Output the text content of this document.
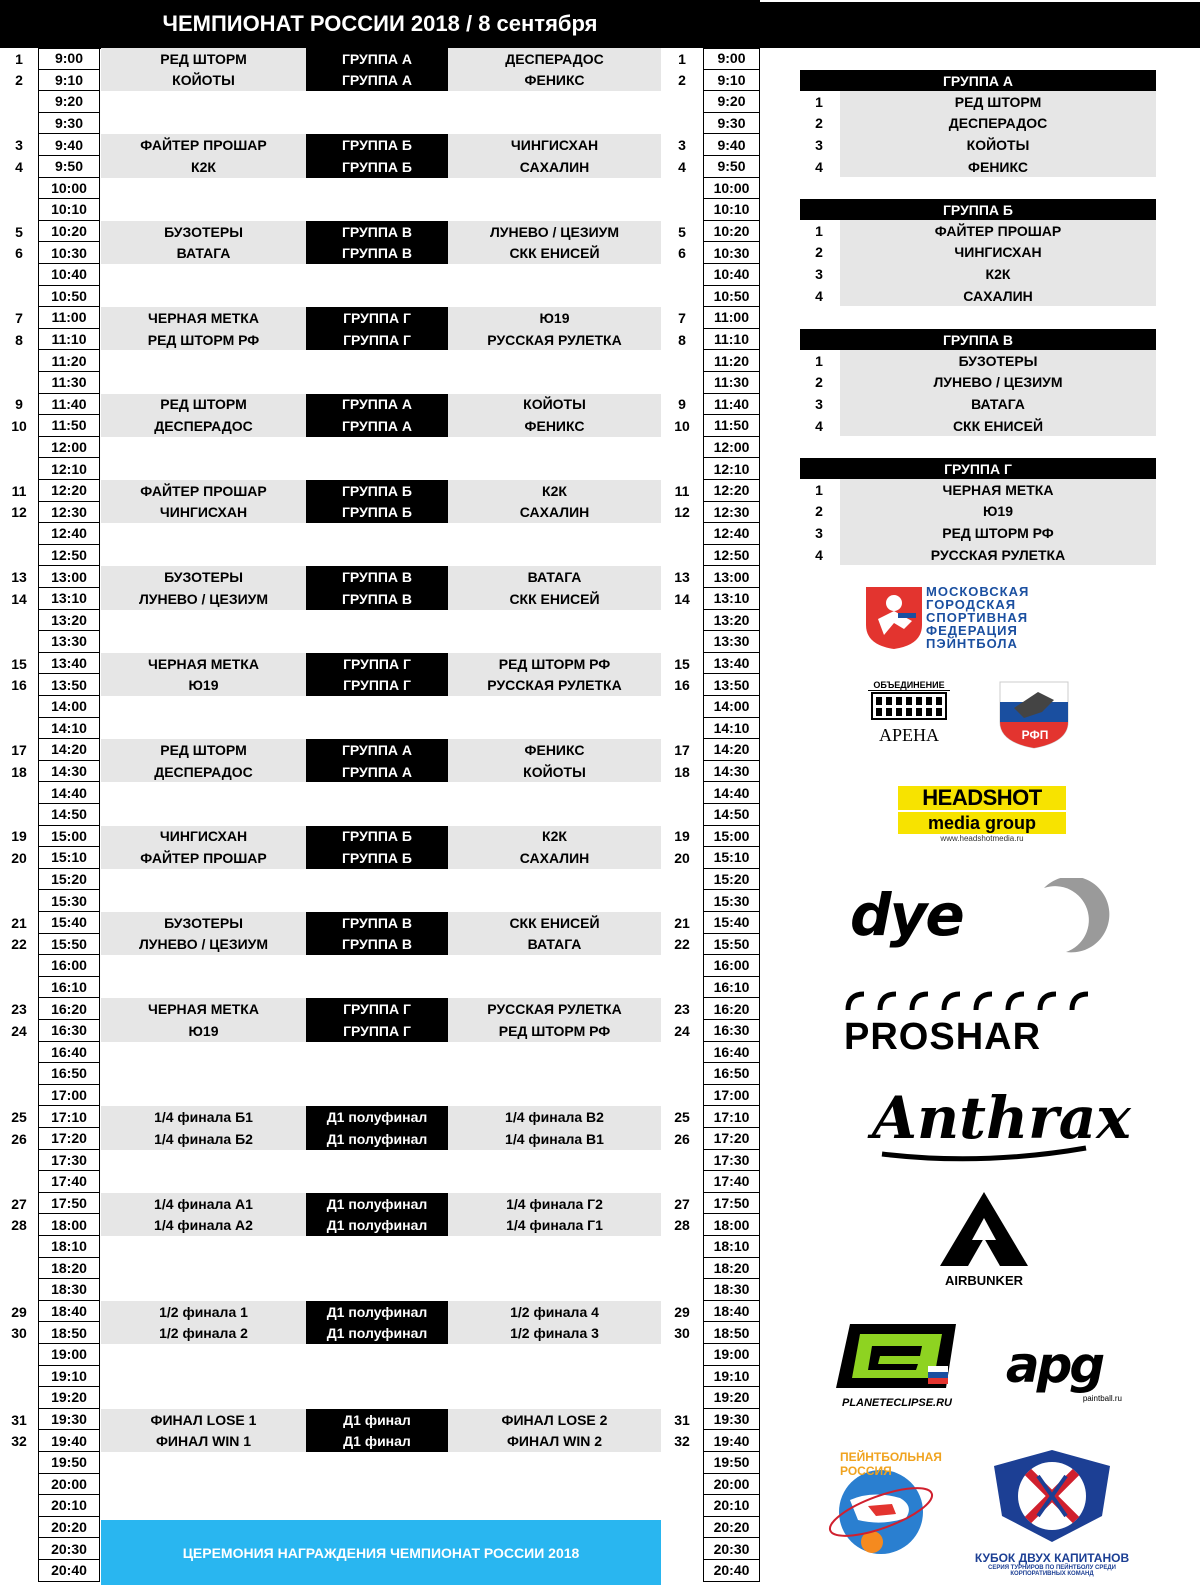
ЧЕМПИОНАТ РОССИИ 2018 / 8 сентября
1	9:00	РЕД ШТОРМ	ГРУППА А	ДЕСПЕРАДОС	1	9:00
2	9:10	КОЙОТЫ	ГРУППА А	ФЕНИКС	2	9:10
9:20	9:20
9:30	9:30
3	9:40	ФАЙТЕР ПРОШАР	ГРУППА Б	ЧИНГИСХАН	3	9:40
4	9:50	К2К	ГРУППА Б	САХАЛИН	4	9:50
10:00	10:00
10:10	10:10
5	10:20	БУЗОТЕРЫ	ГРУППА В	ЛУНЕВО / ЦЕЗИУМ	5	10:20
6	10:30	ВАТАГА	ГРУППА В	СКК ЕНИСЕЙ	6	10:30
10:40	10:40
10:50	10:50
7	11:00	ЧЕРНАЯ МЕТКА	ГРУППА Г	Ю19	7	11:00
8	11:10	РЕД ШТОРМ РФ	ГРУППА Г	РУССКАЯ РУЛЕТКА	8	11:10
11:20	11:20
11:30	11:30
9	11:40	РЕД ШТОРМ	ГРУППА А	КОЙОТЫ	9	11:40
10	11:50	ДЕСПЕРАДОС	ГРУППА А	ФЕНИКС	10	11:50
12:00	12:00
12:10	12:10
11	12:20	ФАЙТЕР ПРОШАР	ГРУППА Б	К2К	11	12:20
12	12:30	ЧИНГИСХАН	ГРУППА Б	САХАЛИН	12	12:30
12:40	12:40
12:50	12:50
13	13:00	БУЗОТЕРЫ	ГРУППА В	ВАТАГА	13	13:00
14	13:10	ЛУНЕВО / ЦЕЗИУМ	ГРУППА В	СКК ЕНИСЕЙ	14	13:10
13:20	13:20
13:30	13:30
15	13:40	ЧЕРНАЯ МЕТКА	ГРУППА Г	РЕД ШТОРМ РФ	15	13:40
16	13:50	Ю19	ГРУППА Г	РУССКАЯ РУЛЕТКА	16	13:50
14:00	14:00
14:10	14:10
17	14:20	РЕД ШТОРМ	ГРУППА А	ФЕНИКС	17	14:20
18	14:30	ДЕСПЕРАДОС	ГРУППА А	КОЙОТЫ	18	14:30
14:40	14:40
14:50	14:50
19	15:00	ЧИНГИСХАН	ГРУППА Б	К2К	19	15:00
20	15:10	ФАЙТЕР ПРОШАР	ГРУППА Б	САХАЛИН	20	15:10
15:20	15:20
15:30	15:30
21	15:40	БУЗОТЕРЫ	ГРУППА В	СКК ЕНИСЕЙ	21	15:40
22	15:50	ЛУНЕВО / ЦЕЗИУМ	ГРУППА В	ВАТАГА	22	15:50
16:00	16:00
16:10	16:10
23	16:20	ЧЕРНАЯ МЕТКА	ГРУППА Г	РУССКАЯ РУЛЕТКА	23	16:20
24	16:30	Ю19	ГРУППА Г	РЕД ШТОРМ РФ	24	16:30
16:40	16:40
16:50	16:50
17:00	17:00
25	17:10	1/4 финала Б1	Д1 полуфинал	1/4 финала В2	25	17:10
26	17:20	1/4 финала Б2	Д1 полуфинал	1/4 финала В1	26	17:20
17:30	17:30
17:40	17:40
27	17:50	1/4 финала А1	Д1 полуфинал	1/4 финала Г2	27	17:50
28	18:00	1/4 финала А2	Д1 полуфинал	1/4 финала Г1	28	18:00
18:10	18:10
18:20	18:20
18:30	18:30
29	18:40	1/2 финала 1	Д1 полуфинал	1/2 финала 4	29	18:40
30	18:50	1/2 финала 2	Д1 полуфинал	1/2 финала 3	30	18:50
19:00	19:00
19:10	19:10
19:20	19:20
31	19:30	ФИНАЛ LOSE 1	Д1 финал	ФИНАЛ LOSE 2	31	19:30
32	19:40	ФИНАЛ WIN 1	Д1 финал	ФИНАЛ WIN 2	32	19:40
19:50	19:50
20:00	20:00
20:10	20:10
20:20	20:20
20:30	20:30
20:40	20:40
ЦЕРЕМОНИЯ НАГРАЖДЕНИЯ ЧЕМПИОНАТ РОССИИ 2018
ГРУППА А
1	РЕД ШТОРМ
2	ДЕСПЕРАДОС
3	КОЙОТЫ
4	ФЕНИКС
ГРУППА Б
1	ФАЙТЕР ПРОШАР
2	ЧИНГИСХАН
3	К2К
4	САХАЛИН
ГРУППА В
1	БУЗОТЕРЫ
2	ЛУНЕВО / ЦЕЗИУМ
3	ВАТАГА
4	СКК ЕНИСЕЙ
ГРУППА Г
1	ЧЕРНАЯ МЕТКА
2	Ю19
3	РЕД ШТОРМ РФ
4	РУССКАЯ РУЛЕТКА
МОСКОВСКАЯ
ГОРОДСКАЯ
СПОРТИВНАЯ
ФЕДЕРАЦИЯ
ПЭЙНТБОЛА
ОБЪЕДИНЕНИЕ
АРЕНА	РФП
HEADSHOT
media group
www.headshotmedia.ru
dye
PROSHAR
Anthrax
AIRBUNKER
PLANETECLIPSE.RU
apg
paintball.ru
ПЕЙНТБОЛЬНАЯ РОССИЯ
КУБОК ДВУХ КАПИТАНОВ
СЕРИЯ ТУРНИРОВ ПО ПЕЙНТБОЛУ СРЕДИ КОРПОРАТИВНЫХ КОМАНД
